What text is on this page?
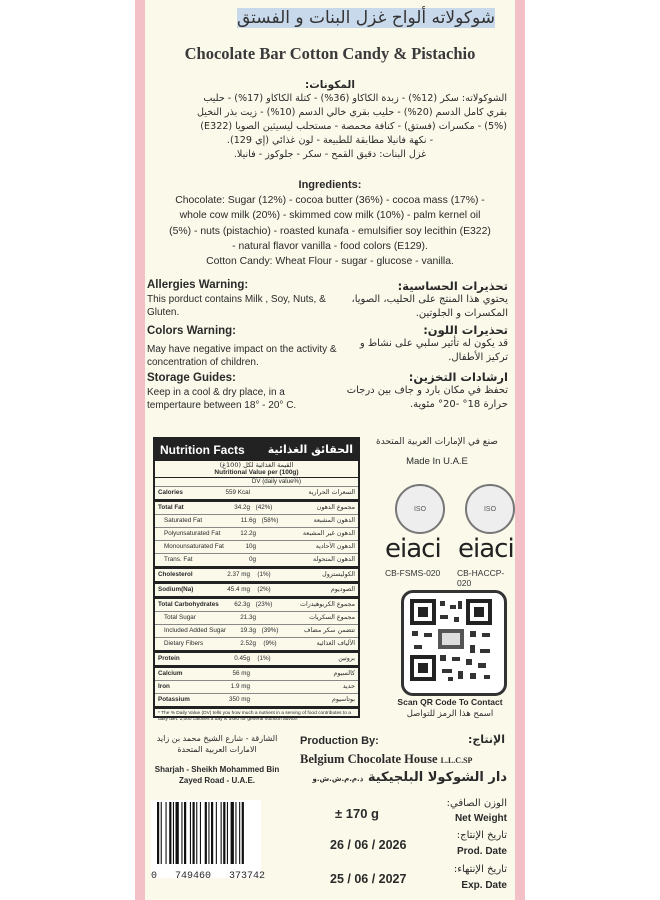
شوكولاته ألواح غزل البنات و الفستق
Chocolate Bar Cotton Candy & Pistachio
المكونات:
الشوكولاته: سكر (12%) - زبدة الكاكاو (36%) - كتلة الكاكاو (17%) - حليب
بقري كامل الدسم (20%) - حليب بقري خالي الدسم (10%) - زيت بذر النخيل
(5%) - مكسرات (فستق) - كنافة محمصة - مستحلب ليسيثين الصويا (E322)
- نكهة فانيلا مطابقة للطبيعة - لون غذائي (إي 129).
غزل البنات: دقيق القمح - سكر - جلوكوز - فانيلا.
Ingredients:
Chocolate: Sugar (12%) - cocoa butter (36%) - cocoa mass (17%) -
whole cow milk (20%) - skimmed cow milk (10%) - palm kernel oil
(5%) - nuts (pistachio) - roasted kunafa - emulsifier soy lecithin (E322)
- natural flavor vanilla - food colors (E129).
Cotton Candy: Wheat Flour - sugar - glucose - vanilla.
Allergies Warning:
This porduct contains Milk , Soy, Nuts, & Gluten.
Colors Warning:
May have negative impact on the activity & concentration of children.
Storage Guides:
Keep in a cool & dry place, in a tempertaure between 18° - 20° C.
تحذيرات الحساسية:
يحتوي هذا المنتج على الحليب، الصويا، المكسرات و الجلوتين.
تحذيرات اللون:
قد يكون له تأثير سلبي على نشاط و تركيز الأطفال.
ارشادات التخزين:
تحفظ في مكان بارد و جاف بين درجات حرارة 18° -20° مئوية.
Nutrition Facts الحقائق الغذائية
القيمة الغذائية لكل (100غ)
Nutritional Value per (100g)
DV (daily value%)
Calories	559 Kcal	السعرات الحرارية
Total Fat	34.2g (42%)	مجموع الدهون
Saturated Fat	11.6g (58%)	الدهون المشبعة
Polyunsaturated Fat	12.2g	الدهون غير المشبعة
Monounsaturated Fat	10g	الدهون الأحادية
Trans. Fat	0g	الدهون المتحولة
Cholesterol	2.37 mg	(1%)	الكوليسترول
Sodium(Na)	45.4 mg	(2%)	الصوديوم
Total Carbohydrates	62.3g (23%)	مجموع الكربوهيدرات
Total Sugar	21.3g	مجموع السكريات
Included Added Sugar	19.3g (39%)	تتضمن سكر مضاف
Dietary Fibers	2.52g	(9%)	الألياف الغذائية
Protein	0.45g	(1%)	بروتين
Calcium	56 mg	كالسيوم
Iron	1.9 mg	حديد
Potassium	350 mg	بوتاسيوم
* The % Daily Value (DV) tells you how much a nutrient in a serving of food contributes to a daily diet. 2,000 calories a day is used for general nutrition advice.
صنع في الإمارات العربية المتحدة
Made In U.A.E
ISO	ISO
eiaci eiaci
CB-FSMS-020 CB-HACCP-020
Scan QR Code To Contact
اسمح هذا الرمز للتواصل
الشارقة - شارع الشيخ محمد بن زايد الامارات العربية المتحدة
Sharjah - Sheikh Mohammed Bin Zayed Road - U.A.E.
Production By:	الإنتاج:
Belgium Chocolate House L.L.C.SP
دار الشوكولا البلجيكية ذ.م.م.ش.ش.و
0   749460   373742
± 170 g
الوزن الصافي:
Net Weight
26 / 06 / 2026
تاريخ الإنتاج:
Prod. Date
25 / 06 / 2027
تاريخ الإنتهاء:
Exp. Date
